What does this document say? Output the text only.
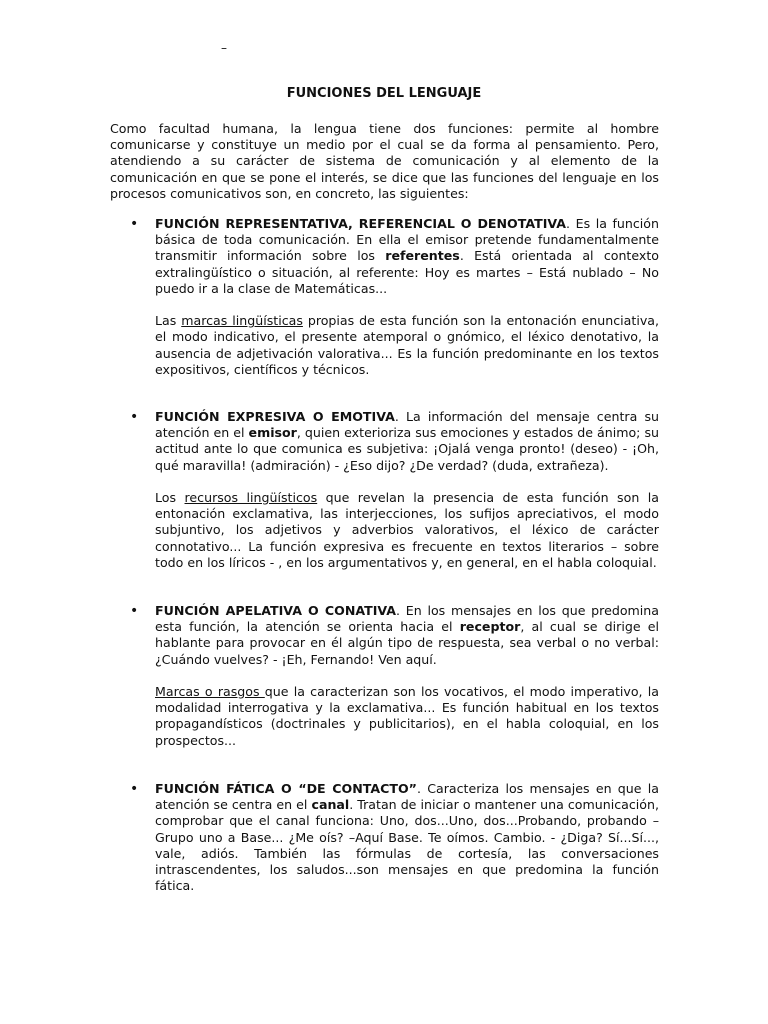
–
FUNCIONES DEL LENGUAJE

Como facultad humana, la lengua tiene dos funciones: permite al hombre comunicarse y constituye un medio por el cual se da forma al pensamiento. Pero, atendiendo a su carácter de sistema de comunicación y al elemento de la comunicación en que se pone el interés, se dice que las funciones del lenguaje en los procesos comunicativos son, en concreto, las siguientes:

• FUNCIÓN REPRESENTATIVA, REFERENCIAL O DENOTATIVA. Es la función básica de toda comunicación. En ella el emisor pretende fundamentalmente transmitir información sobre los referentes. Está orientada al contexto extralingüístico o situación, al referente: Hoy es martes – Está nublado – No puedo ir a la clase de Matemáticas...

Las marcas lingüísticas propias de esta función son la entonación enunciativa, el modo indicativo, el presente atemporal o gnómico, el léxico denotativo, la ausencia de adjetivación valorativa... Es la función predominante en los textos expositivos, científicos y técnicos.

• FUNCIÓN EXPRESIVA O EMOTIVA. La información del mensaje centra su atención en el emisor, quien exterioriza sus emociones y estados de ánimo; su actitud ante lo que comunica es subjetiva: ¡Ojalá venga pronto! (deseo) - ¡Oh, qué maravilla! (admiración) - ¿Eso dijo? ¿De verdad? (duda, extrañeza).

Los recursos lingüísticos que revelan la presencia de esta función son la entonación exclamativa, las interjecciones, los sufijos apreciativos, el modo subjuntivo, los adjetivos y adverbios valorativos, el léxico de carácter connotativo... La función expresiva es frecuente en textos literarios – sobre todo en los líricos - , en los argumentativos y, en general, en el habla coloquial.

• FUNCIÓN APELATIVA O CONATIVA. En los mensajes en los que predomina esta función, la atención se orienta hacia el receptor, al cual se dirige el hablante para provocar en él algún tipo de respuesta, sea verbal o no verbal: ¿Cuándo vuelves? - ¡Eh, Fernando! Ven aquí.

Marcas o rasgos que la caracterizan son los vocativos, el modo imperativo, la modalidad interrogativa y la exclamativa... Es función habitual en los textos propagandísticos (doctrinales y publicitarios), en el habla coloquial, en los prospectos...

• FUNCIÓN FÁTICA O “DE CONTACTO”. Caracteriza los mensajes en que la atención se centra en el canal. Tratan de iniciar o mantener una comunicación, comprobar que el canal funciona: Uno, dos...Uno, dos...Probando, probando – Grupo uno a Base... ¿Me oís? –Aquí Base. Te oímos. Cambio. - ¿Diga? Sí...Sí..., vale, adiós. También las fórmulas de cortesía, las conversaciones intrascendentes, los saludos...son mensajes en que predomina la función fática.
